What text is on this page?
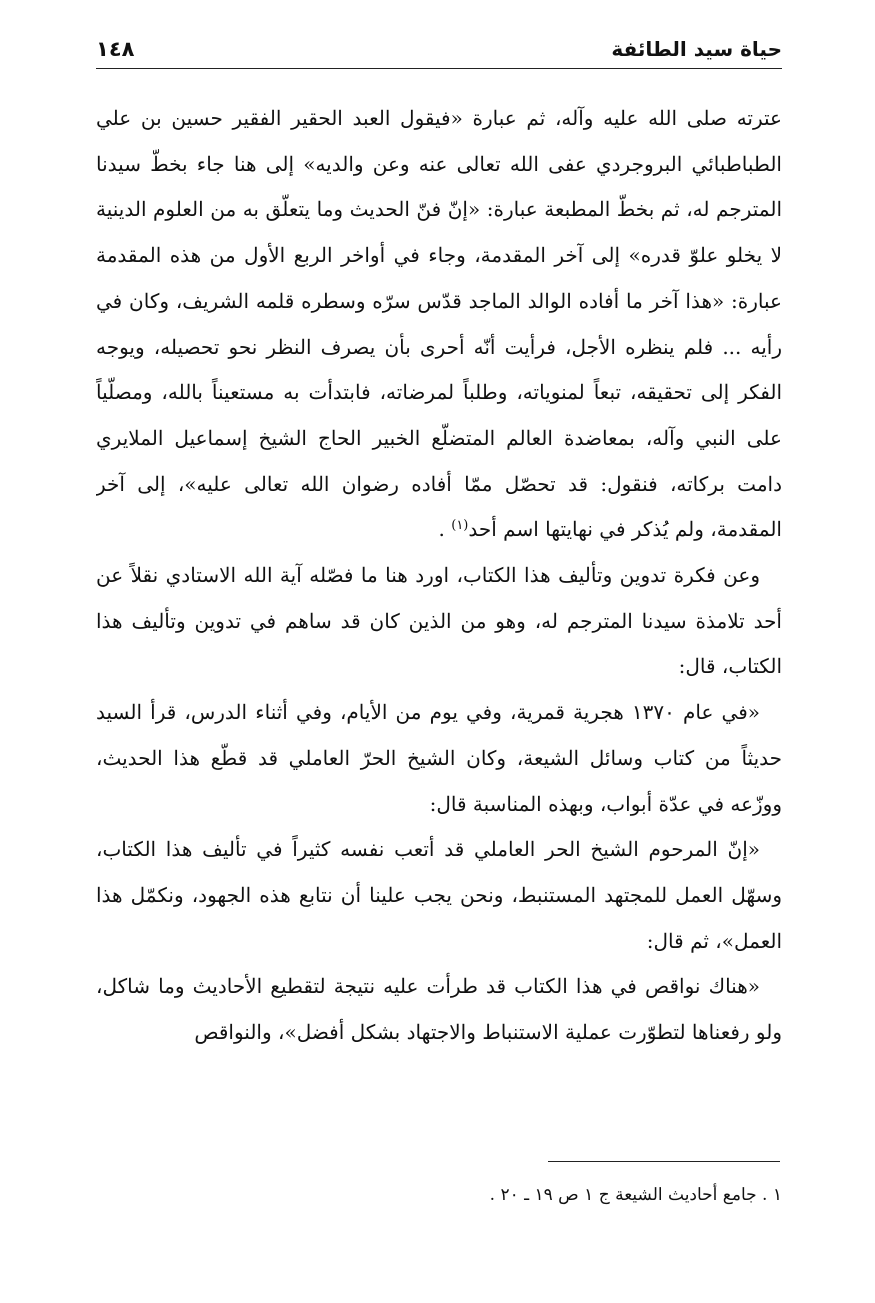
١٤٨	حياة سيد الطائفة

عترته صلى الله عليه وآله، ثم عبارة «فيقول العبد الحقير الفقير حسين بن علي الطباطبائي البروجردي عفى الله تعالى عنه وعن والديه» إلى هنا جاء بخطّ سيدنا المترجم له، ثم بخطّ المطبعة عبارة: «إنّ فنّ الحديث وما يتعلّق به من العلوم الدينية لا يخلو علوّ قدره» إلى آخر المقدمة، وجاء في أواخر الربع الأول من هذه المقدمة عبارة: «هذا آخر ما أفاده الوالد الماجد قدّس سرّه وسطره قلمه الشريف، وكان في رأيه ... فلم ينظره الأجل، فرأيت أنّه أحرى بأن يصرف النظر نحو تحصيله، ويوجه الفكر إلى تحقيقه، تبعاً لمنوياته، وطلباً لمرضاته، فابتدأت به مستعيناً بالله، ومصلّياً على النبي وآله، بمعاضدة العالم المتضلّع الخبير الحاج الشيخ إسماعيل الملايري دامت بركاته، فنقول: قد تحصّل ممّا أفاده رضوان الله تعالى عليه»، إلى آخر المقدمة، ولم يُذكر في نهايتها اسم أحد$^{(١)}$ .

وعن فكرة تدوين وتأليف هذا الكتاب، اورد هنا ما فصّله آية الله الاستادي نقلاً عن أحد تلامذة سيدنا المترجم له، وهو من الذين كان قد ساهم في تدوين وتأليف هذا الكتاب، قال:

«في عام ١٣٧٠ هجرية قمرية، وفي يوم من الأيام، وفي أثناء الدرس، قرأ السيد حديثاً من كتاب وسائل الشيعة، وكان الشيخ الحرّ العاملي قد قطّع هذا الحديث، ووزّعه في عدّة أبواب، وبهذه المناسبة قال:

«إنّ المرحوم الشيخ الحر العاملي قد أتعب نفسه كثيراً في تأليف هذا الكتاب، وسهّل العمل للمجتهد المستنبط، ونحن يجب علينا أن نتابع هذه الجهود، ونكمّل هذا العمل»، ثم قال:

«هناك نواقص في هذا الكتاب قد طرأت عليه نتيجة لتقطيع الأحاديث وما شاكل، ولو رفعناها لتطوّرت عملية الاستنباط والاجتهاد بشكل أفضل»، والنواقص

١ . جامع أحاديث الشيعة ج ١ ص ١٩ ـ ٢٠ .
